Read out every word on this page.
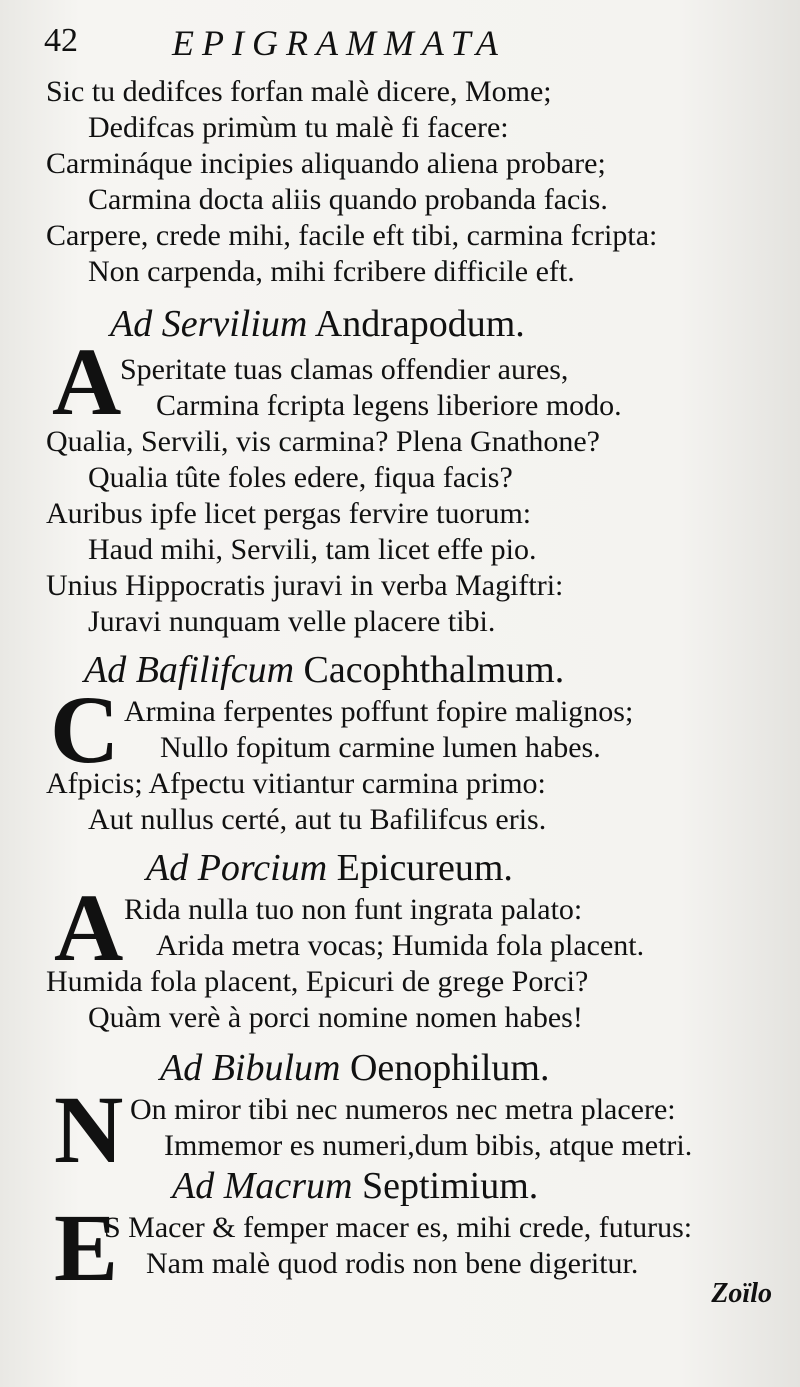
42	EPIGRAMMATA
Sic tu dedifces forfan malè dicere, Mome;
Dedifcas primùm tu malè fi facere:
Carmináque incipies aliquando aliena probare;
Carmina docta aliis quando probanda facis.
Carpere, crede mihi, facile eft tibi, carmina fcripta:
Non carpenda, mihi fcribere difficile eft.
Ad Servilium Andrapodum.
A
Speritate tuas clamas offendier aures,
Carmina fcripta legens liberiore modo.
Qualia, Servili, vis carmina? Plena Gnathone?
Qualia tûte foles edere, fiqua facis?
Auribus ipfe licet pergas fervire tuorum:
Haud mihi, Servili, tam licet effe pio.
Unius Hippocratis juravi in verba Magiftri:
Juravi nunquam velle placere tibi.
Ad Bafilifcum Cacophthalmum.
C Armina ferpentes poffunt fopire malignos;
Nullo fopitum carmine lumen habes.
Afpicis; Afpectu vitiantur carmina primo:
Aut nullus certé, aut tu Bafilifcus eris.
Ad Porcium Epicureum.
A Rida nulla tuo non funt ingrata palato:
Arida metra vocas; Humida fola placent.
Humida fola placent, Epicuri de grege Porci?
Quàm verè à porci nomine nomen habes!
Ad Bibulum Oenophilum.
N On miror tibi nec numeros nec metra placere:
Immemor es numeri,dum bibis, atque metri.
Ad Macrum Septimium.
E
S Macer & femper macer es, mihi crede, futurus:
Nam malè quod rodis non bene digeritur.
Zoïlo
